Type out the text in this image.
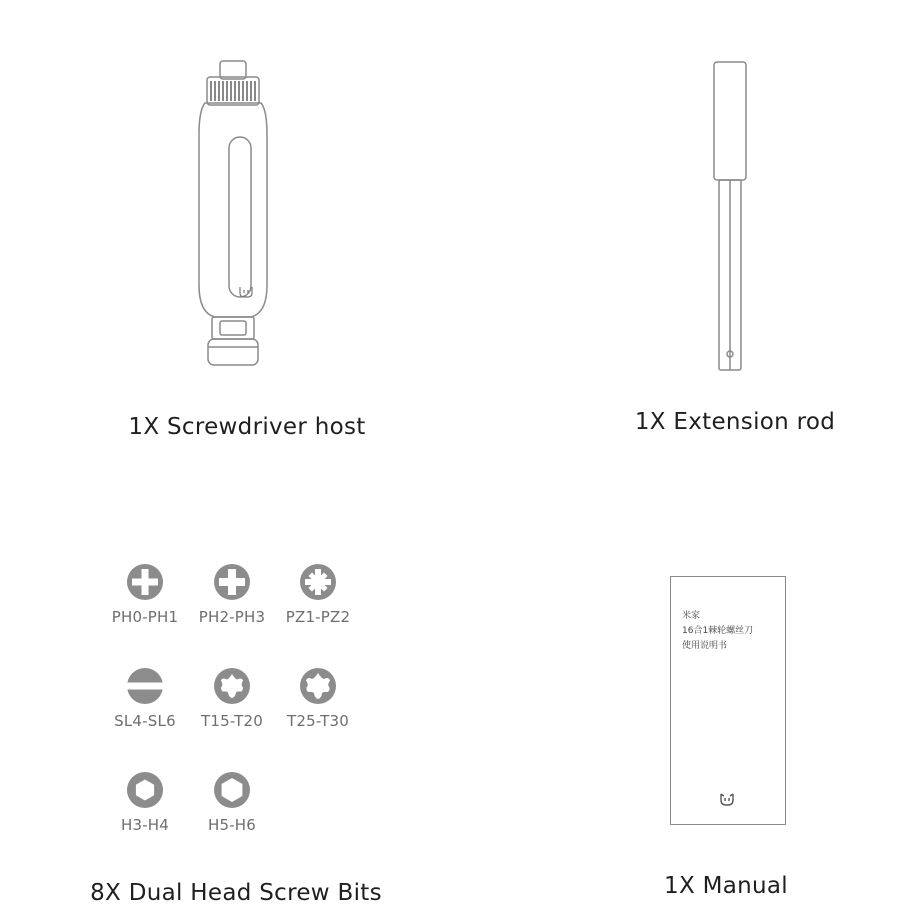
1X Screwdriver host	1X Extension rod
PH0-PH1	PH2-PH3	PZ1-PZ2
SL4-SL6	T15-T20	T25-T30
H3-H4	H5-H6
8X Dual Head Screw Bits
米家
16合1棘轮螺丝刀
使用说明书
1X Manual
